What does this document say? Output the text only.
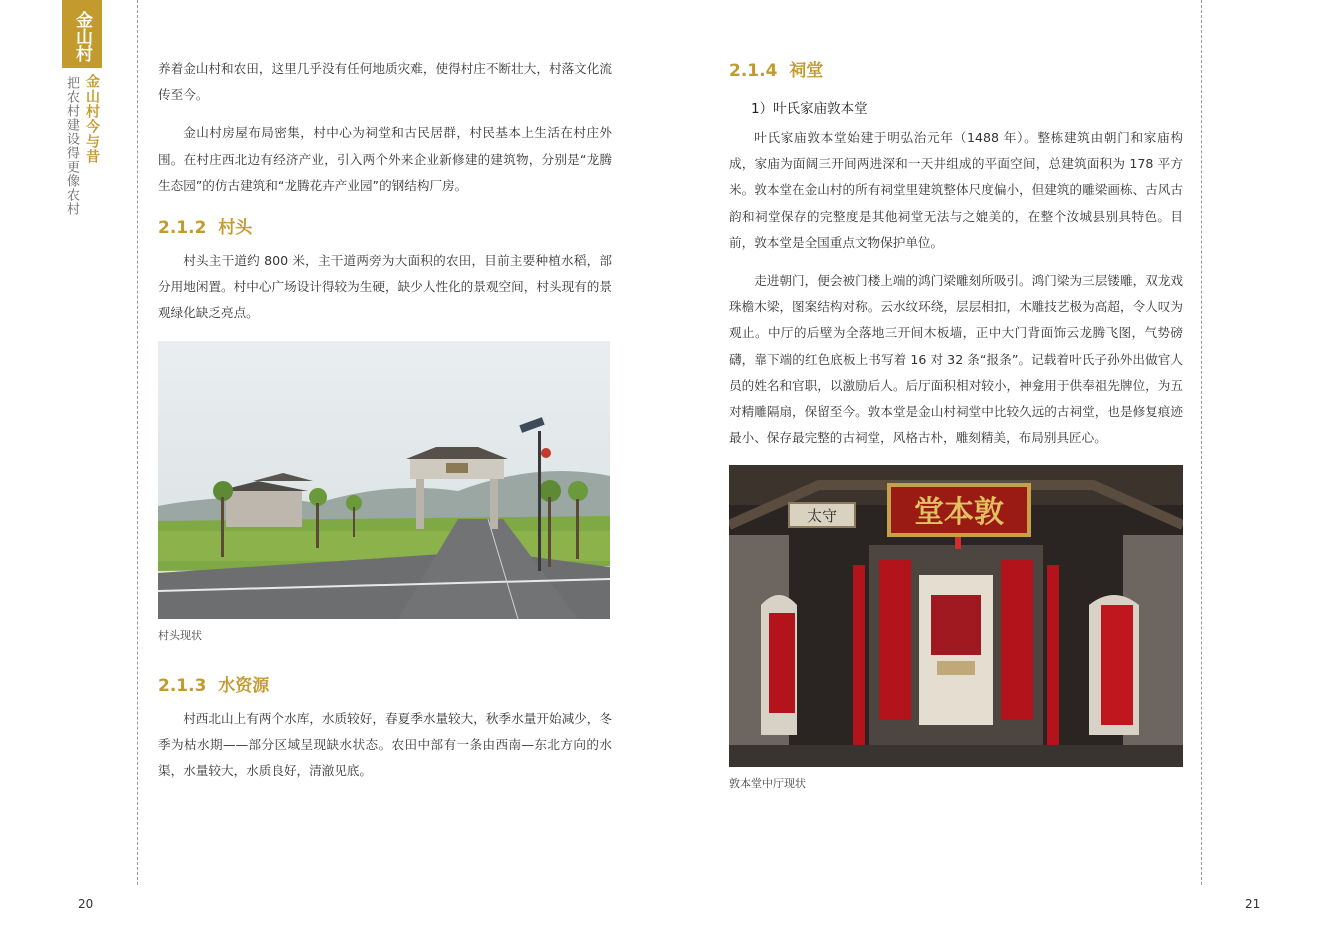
金山村
金山村今与昔
把农村建设得更像农村

养着金山村和农田，这里几乎没有任何地质灾难，使得村庄不断壮大，村落文化流传至今。

金山村房屋布局密集，村中心为祠堂和古民居群，村民基本上生活在村庄外围。在村庄西北边有经济产业，引入两个外来企业新修建的建筑物，分别是“龙腾生态园”的仿古建筑和“龙腾花卉产业园”的钢结构厂房。

2.1.2 村头

村头主干道约 800 米，主干道两旁为大面积的农田，目前主要种植水稻，部分用地闲置。村中心广场设计得较为生硬，缺少人性化的景观空间，村头现有的景观绿化缺乏亮点。

村头现状
2.1.3 水资源

村西北山上有两个水库，水质较好，春夏季水量较大，秋季水量开始减少，冬季为枯水期——部分区域呈现缺水状态。农田中部有一条由西南—东北方向的水渠，水量较大，水质良好，清澈见底。

2.1.4 祠堂
1）叶氏家庙敦本堂

叶氏家庙敦本堂始建于明弘治元年（1488 年）。整栋建筑由朝门和家庙构成，家庙为面阔三开间两进深和一天井组成的平面空间，总建筑面积为 178 平方米。敦本堂在金山村的所有祠堂里建筑整体尺度偏小，但建筑的雕梁画栋、古风古韵和祠堂保存的完整度是其他祠堂无法与之媲美的，在整个汝城县别具特色。目前，敦本堂是全国重点文物保护单位。

走进朝门，便会被门楼上端的鸿门梁雕刻所吸引。鸿门梁为三层镂雕，双龙戏珠檐木梁，图案结构对称。云水纹环绕，层层相扣，木雕技艺极为高超，令人叹为观止。中厅的后壁为全落地三开间木板墙，正中大门背面饰云龙腾飞图，气势磅礴，靠下端的红色底板上书写着 16 对 32 条“报条”。记载着叶氏子孙外出做官人员的姓名和官职，以激励后人。后厅面积相对较小，神龛用于供奉祖先牌位，为五对精雕隔扇，保留至今。敦本堂是金山村祠堂中比较久远的古祠堂，也是修复痕迹最小、保存最完整的古祠堂，风格古朴，雕刻精美，布局别具匠心。

堂本敦
太守
敦本堂中厅现状
20	21
